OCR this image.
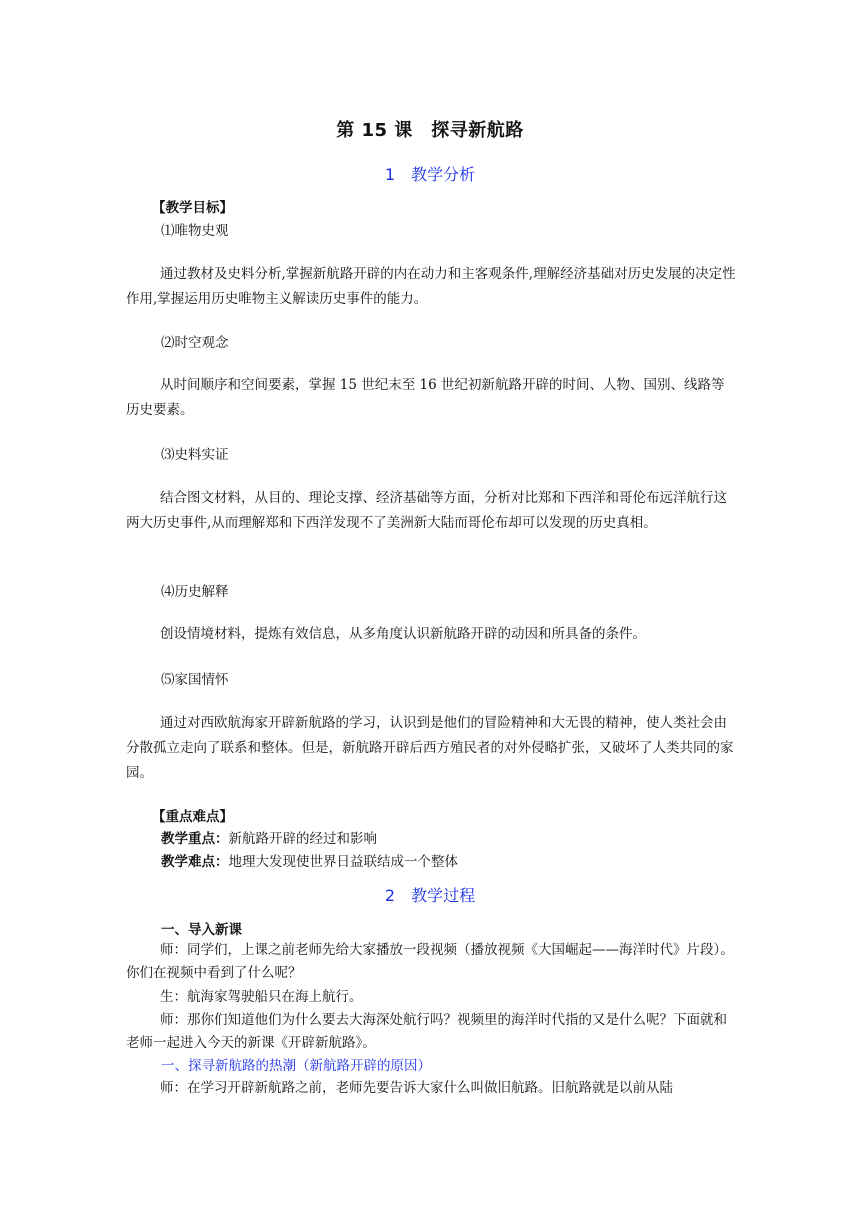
第 15 课　探寻新航路
1　教学分析
【教学目标】
⑴唯物史观
通过教材及史料分析,掌握新航路开辟的内在动力和主客观条件,理解经济基础对历史发展的决定性作用,掌握运用历史唯物主义解读历史事件的能力。
⑵时空观念
从时间顺序和空间要素，掌握 15 世纪末至 16 世纪初新航路开辟的时间、人物、国别、线路等历史要素。
⑶史料实证
结合图文材料，从目的、理论支撑、经济基础等方面，分析对比郑和下西洋和哥伦布远洋航行这两大历史事件,从而理解郑和下西洋发现不了美洲新大陆而哥伦布却可以发现的历史真相。
⑷历史解释
创设情境材料，提炼有效信息，从多角度认识新航路开辟的动因和所具备的条件。
⑸家国情怀
通过对西欧航海家开辟新航路的学习，认识到是他们的冒险精神和大无畏的精神，使人类社会由分散孤立走向了联系和整体。但是，新航路开辟后西方殖民者的对外侵略扩张，又破坏了人类共同的家园。
【重点难点】
教学重点：新航路开辟的经过和影响
教学难点：地理大发现使世界日益联结成一个整体
2　教学过程
一、导入新课
师：同学们，上课之前老师先给大家播放一段视频（播放视频《大国崛起——海洋时代》片段）。你们在视频中看到了什么呢？
生：航海家驾驶船只在海上航行。
师：那你们知道他们为什么要去大海深处航行吗？视频里的海洋时代指的又是什么呢？下面就和老师一起进入今天的新课《开辟新航路》。
一、探寻新航路的热潮（新航路开辟的原因）
师：在学习开辟新航路之前，老师先要告诉大家什么叫做旧航路。旧航路就是以前从陆
